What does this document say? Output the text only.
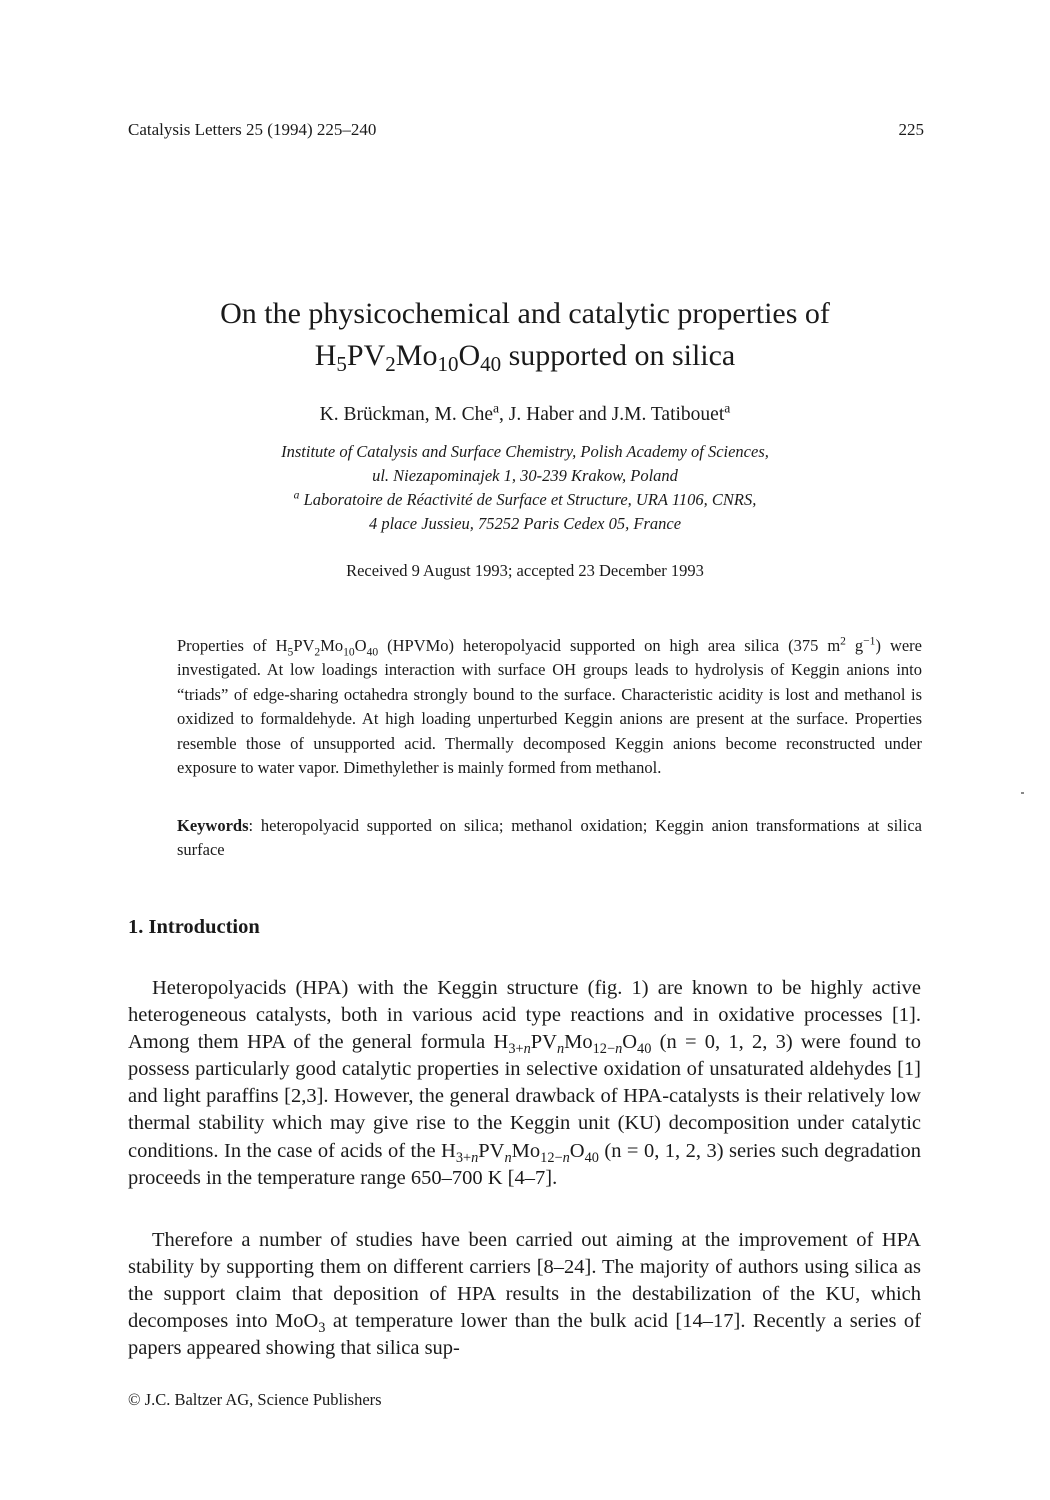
Catalysis Letters 25 (1994) 225–240	225
On the physicochemical and catalytic properties of
H5PV2Mo10O40 supported on silica
K. Brückman, M. Che$^a$, J. Haber and J.M. Tatibouet$^a$
Institute of Catalysis and Surface Chemistry, Polish Academy of Sciences,
ul. Niezapominajek 1, 30-239 Krakow, Poland
$^a$ Laboratoire de Réactivité de Surface et Structure, URA 1106, CNRS,
4 place Jussieu, 75252 Paris Cedex 05, France
Received 9 August 1993; accepted 23 December 1993
Properties of $H_5PV_2Mo_{10}O_{40}$ (HPVMo) heteropolyacid supported on high area silica (375 $m^2$ $g^{-1}$) were investigated. At low loadings interaction with surface OH groups leads to hydrolysis of Keggin anions into “triads” of edge-sharing octahedra strongly bound to the surface. Characteristic acidity is lost and methanol is oxidized to formaldehyde. At high loading unperturbed Keggin anions are present at the surface. Properties resemble those of unsupported acid. Thermally decomposed Keggin anions become reconstructed under exposure to water vapor. Dimethylether is mainly formed from methanol.
Keywords: heteropolyacid supported on silica; methanol oxidation; Keggin anion transformations at silica surface
1. Introduction
Heteropolyacids (HPA) with the Keggin structure (fig. 1) are known to be highly active heterogeneous catalysts, both in various acid type reactions and in oxidative processes [1]. Among them HPA of the general formula $H_{3+n}PV_nMo_{12-n}O_{40}$ (n = 0, 1, 2, 3) were found to possess particularly good catalytic properties in selective oxidation of unsaturated aldehydes [1] and light paraffins [2,3]. However, the general drawback of HPA-catalysts is their relatively low thermal stability which may give rise to the Keggin unit (KU) decomposition under catalytic conditions. In the case of acids of the $H_{3+n}PV_nMo_{12-n}O_{40}$ (n = 0, 1, 2, 3) series such degradation proceeds in the temperature range 650–700 K [4–7].
Therefore a number of studies have been carried out aiming at the improvement of HPA stability by supporting them on different carriers [8–24]. The majority of authors using silica as the support claim that deposition of HPA results in the destabilization of the KU, which decomposes into MoO$_3$ at temperature lower than the bulk acid [14–17]. Recently a series of papers appeared showing that silica sup-
© J.C. Baltzer AG, Science Publishers
